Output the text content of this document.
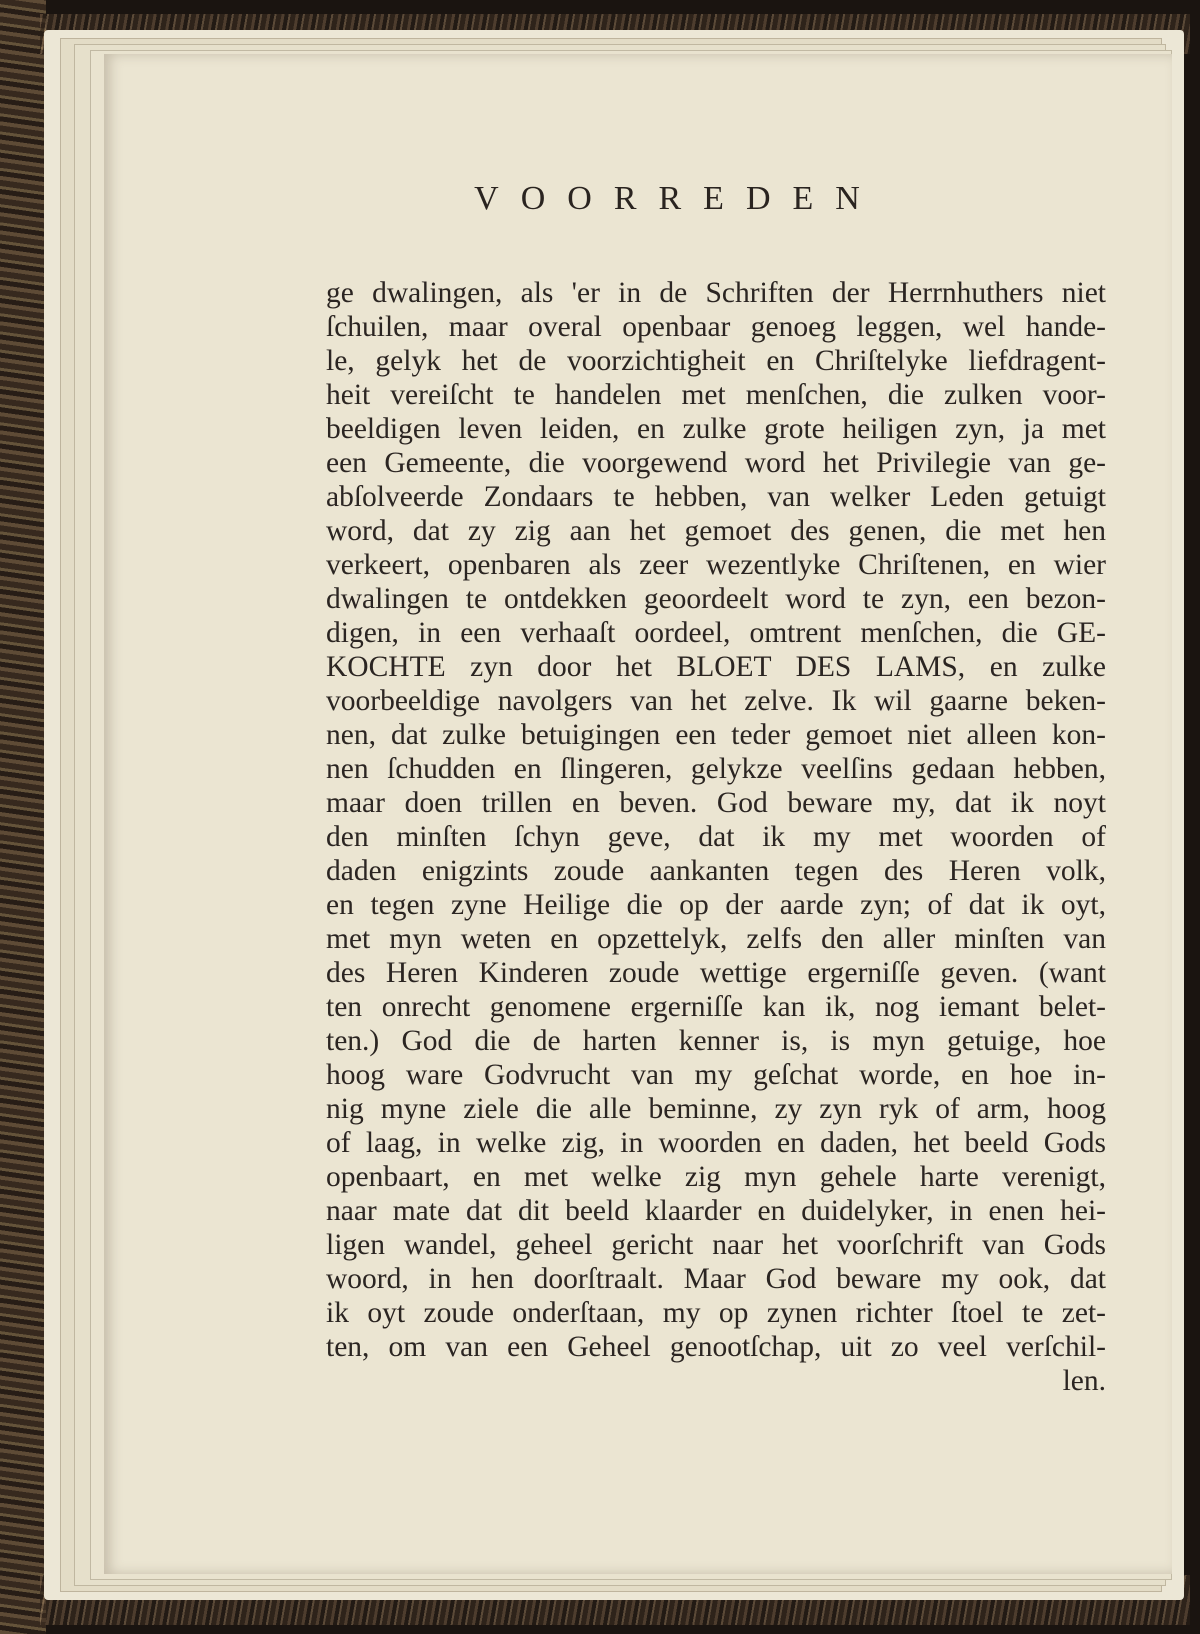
VOORREDEN
ge dwalingen, als 'er in de Schriften der Herrnhuthers niet
ſchuilen, maar overal openbaar genoeg leggen, wel hande-
le, gelyk het de voorzichtigheit en Chriſtelyke liefdragent-
heit vereiſcht te handelen met menſchen, die zulken voor-
beeldigen leven leiden, en zulke grote heiligen zyn, ja met
een Gemeente, die voorgewend word het Privilegie van ge-
abſolveerde Zondaars te hebben, van welker Leden getuigt
word, dat zy zig aan het gemoet des genen, die met hen
verkeert, openbaren als zeer wezentlyke Chriſtenen, en wier
dwalingen te ontdekken geoordeelt word te zyn, een bezon-
digen, in een verhaaſt oordeel, omtrent menſchen, die GE-
KOCHTE zyn door het BLOET DES LAMS, en zulke
voorbeeldige navolgers van het zelve. Ik wil gaarne beken-
nen, dat zulke betuigingen een teder gemoet niet alleen kon-
nen ſchudden en ſlingeren, gelykze veelſins gedaan hebben,
maar doen trillen en beven. God beware my, dat ik noyt
den minſten ſchyn geve, dat ik my met woorden of
daden enigzints zoude aankanten tegen des Heren volk,
en tegen zyne Heilige die op der aarde zyn; of dat ik oyt,
met myn weten en opzettelyk, zelfs den aller minſten van
des Heren Kinderen zoude wettige ergerniſſe geven. (want
ten onrecht genomene ergerniſſe kan ik, nog iemant belet-
ten.) God die de harten kenner is, is myn getuige, hoe
hoog ware Godvrucht van my geſchat worde, en hoe in-
nig myne ziele die alle beminne, zy zyn ryk of arm, hoog
of laag, in welke zig, in woorden en daden, het beeld Gods
openbaart, en met welke zig myn gehele harte verenigt,
naar mate dat dit beeld klaarder en duidelyker, in enen hei-
ligen wandel, geheel gericht naar het voorſchrift van Gods
woord, in hen doorſtraalt. Maar God beware my ook, dat
ik oyt zoude onderſtaan, my op zynen richter ſtoel te zet-
ten, om van een Geheel genootſchap, uit zo veel verſchil-
len.
